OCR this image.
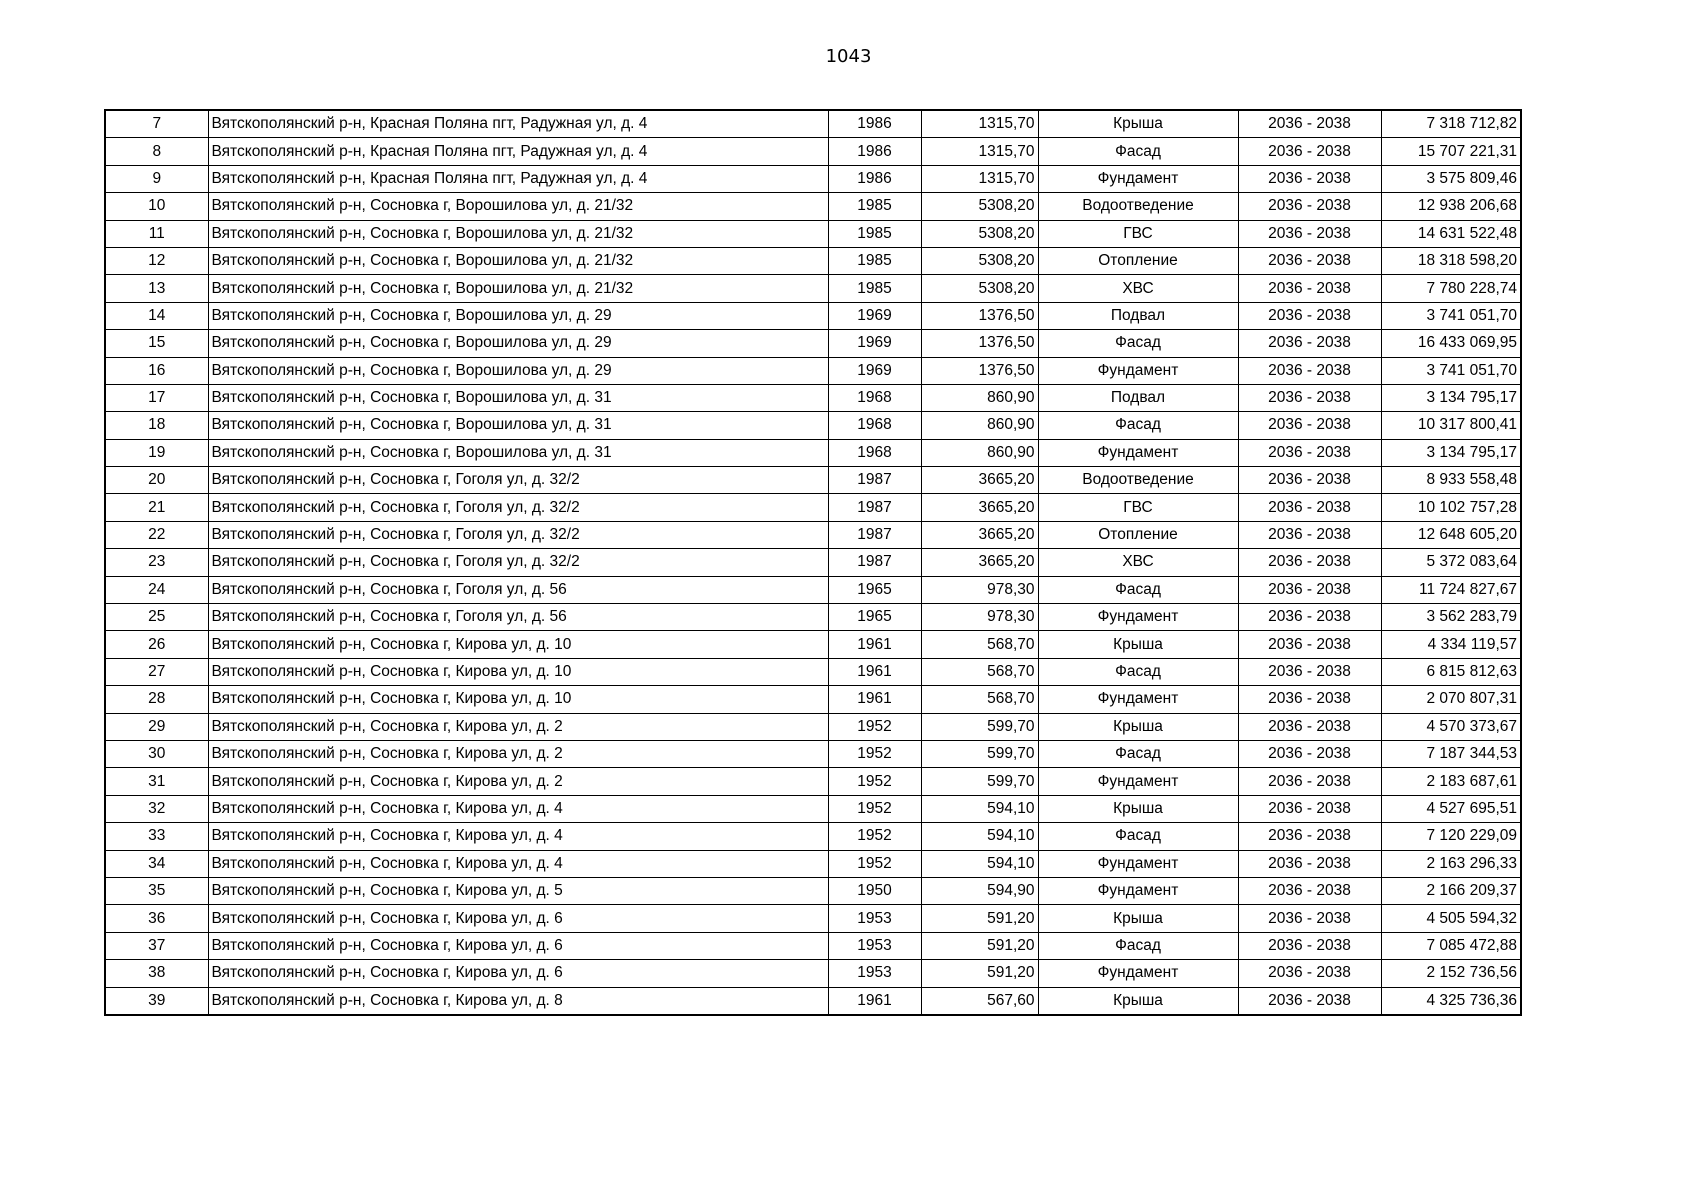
1043
7	Вятскополянский р-н, Красная Поляна пгт, Радужная ул, д. 4	1986	1315,70	Крыша	2036 - 2038	7 318 712,82
8	Вятскополянский р-н, Красная Поляна пгт, Радужная ул, д. 4	1986	1315,70	Фасад	2036 - 2038	15 707 221,31
9	Вятскополянский р-н, Красная Поляна пгт, Радужная ул, д. 4	1986	1315,70	Фундамент	2036 - 2038	3 575 809,46
10	Вятскополянский р-н, Сосновка г, Ворошилова ул, д. 21/32	1985	5308,20	Водоотведение	2036 - 2038	12 938 206,68
11	Вятскополянский р-н, Сосновка г, Ворошилова ул, д. 21/32	1985	5308,20	ГВС	2036 - 2038	14 631 522,48
12	Вятскополянский р-н, Сосновка г, Ворошилова ул, д. 21/32	1985	5308,20	Отопление	2036 - 2038	18 318 598,20
13	Вятскополянский р-н, Сосновка г, Ворошилова ул, д. 21/32	1985	5308,20	ХВС	2036 - 2038	7 780 228,74
14	Вятскополянский р-н, Сосновка г, Ворошилова ул, д. 29	1969	1376,50	Подвал	2036 - 2038	3 741 051,70
15	Вятскополянский р-н, Сосновка г, Ворошилова ул, д. 29	1969	1376,50	Фасад	2036 - 2038	16 433 069,95
16	Вятскополянский р-н, Сосновка г, Ворошилова ул, д. 29	1969	1376,50	Фундамент	2036 - 2038	3 741 051,70
17	Вятскополянский р-н, Сосновка г, Ворошилова ул, д. 31	1968	860,90	Подвал	2036 - 2038	3 134 795,17
18	Вятскополянский р-н, Сосновка г, Ворошилова ул, д. 31	1968	860,90	Фасад	2036 - 2038	10 317 800,41
19	Вятскополянский р-н, Сосновка г, Ворошилова ул, д. 31	1968	860,90	Фундамент	2036 - 2038	3 134 795,17
20	Вятскополянский р-н, Сосновка г, Гоголя ул, д. 32/2	1987	3665,20	Водоотведение	2036 - 2038	8 933 558,48
21	Вятскополянский р-н, Сосновка г, Гоголя ул, д. 32/2	1987	3665,20	ГВС	2036 - 2038	10 102 757,28
22	Вятскополянский р-н, Сосновка г, Гоголя ул, д. 32/2	1987	3665,20	Отопление	2036 - 2038	12 648 605,20
23	Вятскополянский р-н, Сосновка г, Гоголя ул, д. 32/2	1987	3665,20	ХВС	2036 - 2038	5 372 083,64
24	Вятскополянский р-н, Сосновка г, Гоголя ул, д. 56	1965	978,30	Фасад	2036 - 2038	11 724 827,67
25	Вятскополянский р-н, Сосновка г, Гоголя ул, д. 56	1965	978,30	Фундамент	2036 - 2038	3 562 283,79
26	Вятскополянский р-н, Сосновка г, Кирова ул, д. 10	1961	568,70	Крыша	2036 - 2038	4 334 119,57
27	Вятскополянский р-н, Сосновка г, Кирова ул, д. 10	1961	568,70	Фасад	2036 - 2038	6 815 812,63
28	Вятскополянский р-н, Сосновка г, Кирова ул, д. 10	1961	568,70	Фундамент	2036 - 2038	2 070 807,31
29	Вятскополянский р-н, Сосновка г, Кирова ул, д. 2	1952	599,70	Крыша	2036 - 2038	4 570 373,67
30	Вятскополянский р-н, Сосновка г, Кирова ул, д. 2	1952	599,70	Фасад	2036 - 2038	7 187 344,53
31	Вятскополянский р-н, Сосновка г, Кирова ул, д. 2	1952	599,70	Фундамент	2036 - 2038	2 183 687,61
32	Вятскополянский р-н, Сосновка г, Кирова ул, д. 4	1952	594,10	Крыша	2036 - 2038	4 527 695,51
33	Вятскополянский р-н, Сосновка г, Кирова ул, д. 4	1952	594,10	Фасад	2036 - 2038	7 120 229,09
34	Вятскополянский р-н, Сосновка г, Кирова ул, д. 4	1952	594,10	Фундамент	2036 - 2038	2 163 296,33
35	Вятскополянский р-н, Сосновка г, Кирова ул, д. 5	1950	594,90	Фундамент	2036 - 2038	2 166 209,37
36	Вятскополянский р-н, Сосновка г, Кирова ул, д. 6	1953	591,20	Крыша	2036 - 2038	4 505 594,32
37	Вятскополянский р-н, Сосновка г, Кирова ул, д. 6	1953	591,20	Фасад	2036 - 2038	7 085 472,88
38	Вятскополянский р-н, Сосновка г, Кирова ул, д. 6	1953	591,20	Фундамент	2036 - 2038	2 152 736,56
39	Вятскополянский р-н, Сосновка г, Кирова ул, д. 8	1961	567,60	Крыша	2036 - 2038	4 325 736,36
